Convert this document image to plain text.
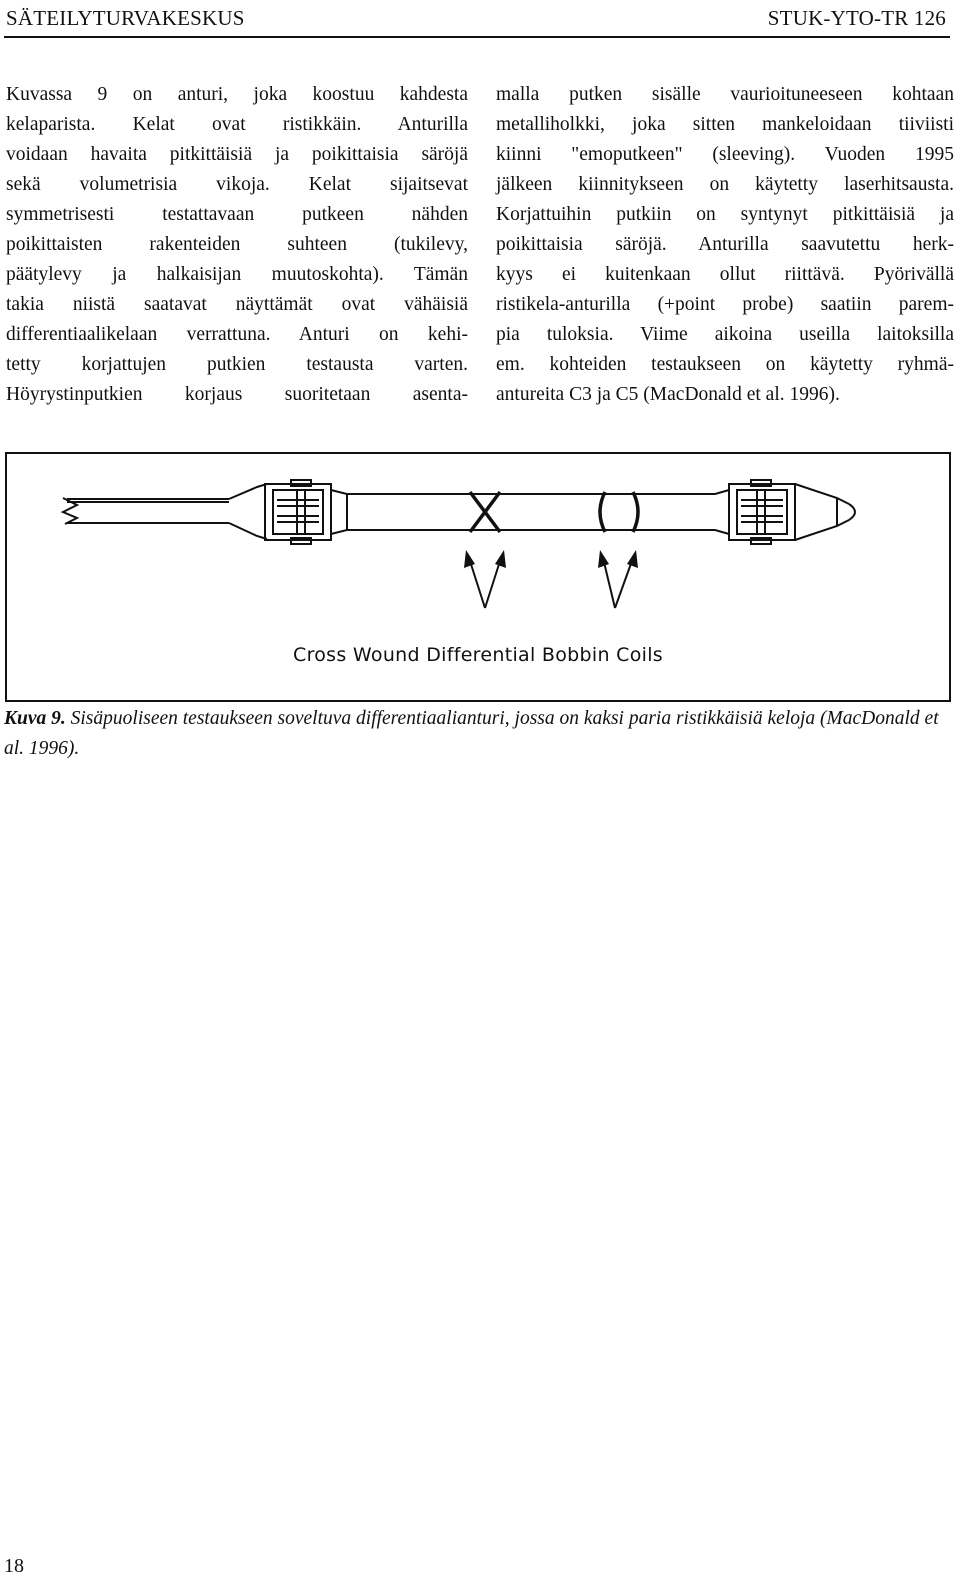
SÄTEILYTURVAKESKUS	STUK-YTO-TR 126
Kuvassa 9 on anturi, joka koostuu kahdesta
kelaparista. Kelat ovat ristikkäin. Anturilla
voidaan havaita pitkittäisiä ja poikittaisia säröjä
sekä volumetrisia vikoja. Kelat sijaitsevat
symmetrisesti testattavaan putkeen nähden
poikittaisten rakenteiden suhteen (tukilevy,
päätylevy ja halkaisijan muutoskohta). Tämän
takia niistä saatavat näyttämät ovat vähäisiä
differentiaalikelaan verrattuna. Anturi on kehi-
tetty korjattujen putkien testausta varten.
Höyrystinputkien korjaus suoritetaan asenta-
malla putken sisälle vaurioituneeseen kohtaan
metalliholkki, joka sitten mankeloidaan tiiviisti
kiinni "emoputkeen" (sleeving). Vuoden 1995
jälkeen kiinnitykseen on käytetty laserhitsausta.
Korjattuihin putkiin on syntynyt pitkittäisiä ja
poikittaisia säröjä. Anturilla saavutettu herk-
kyys ei kuitenkaan ollut riittävä. Pyörivällä
ristikela-anturilla (+point probe) saatiin parem-
pia tuloksia. Viime aikoina useilla laitoksilla
em. kohteiden testaukseen on käytetty ryhmä-
antureita C3 ja C5 (MacDonald et al. 1996).
Cross Wound Differential Bobbin Coils
Kuva 9. Sisäpuoliseen testaukseen soveltuva differentiaalianturi, jossa on kaksi paria ristikkäisiä keloja (MacDonald et al. 1996).
18
